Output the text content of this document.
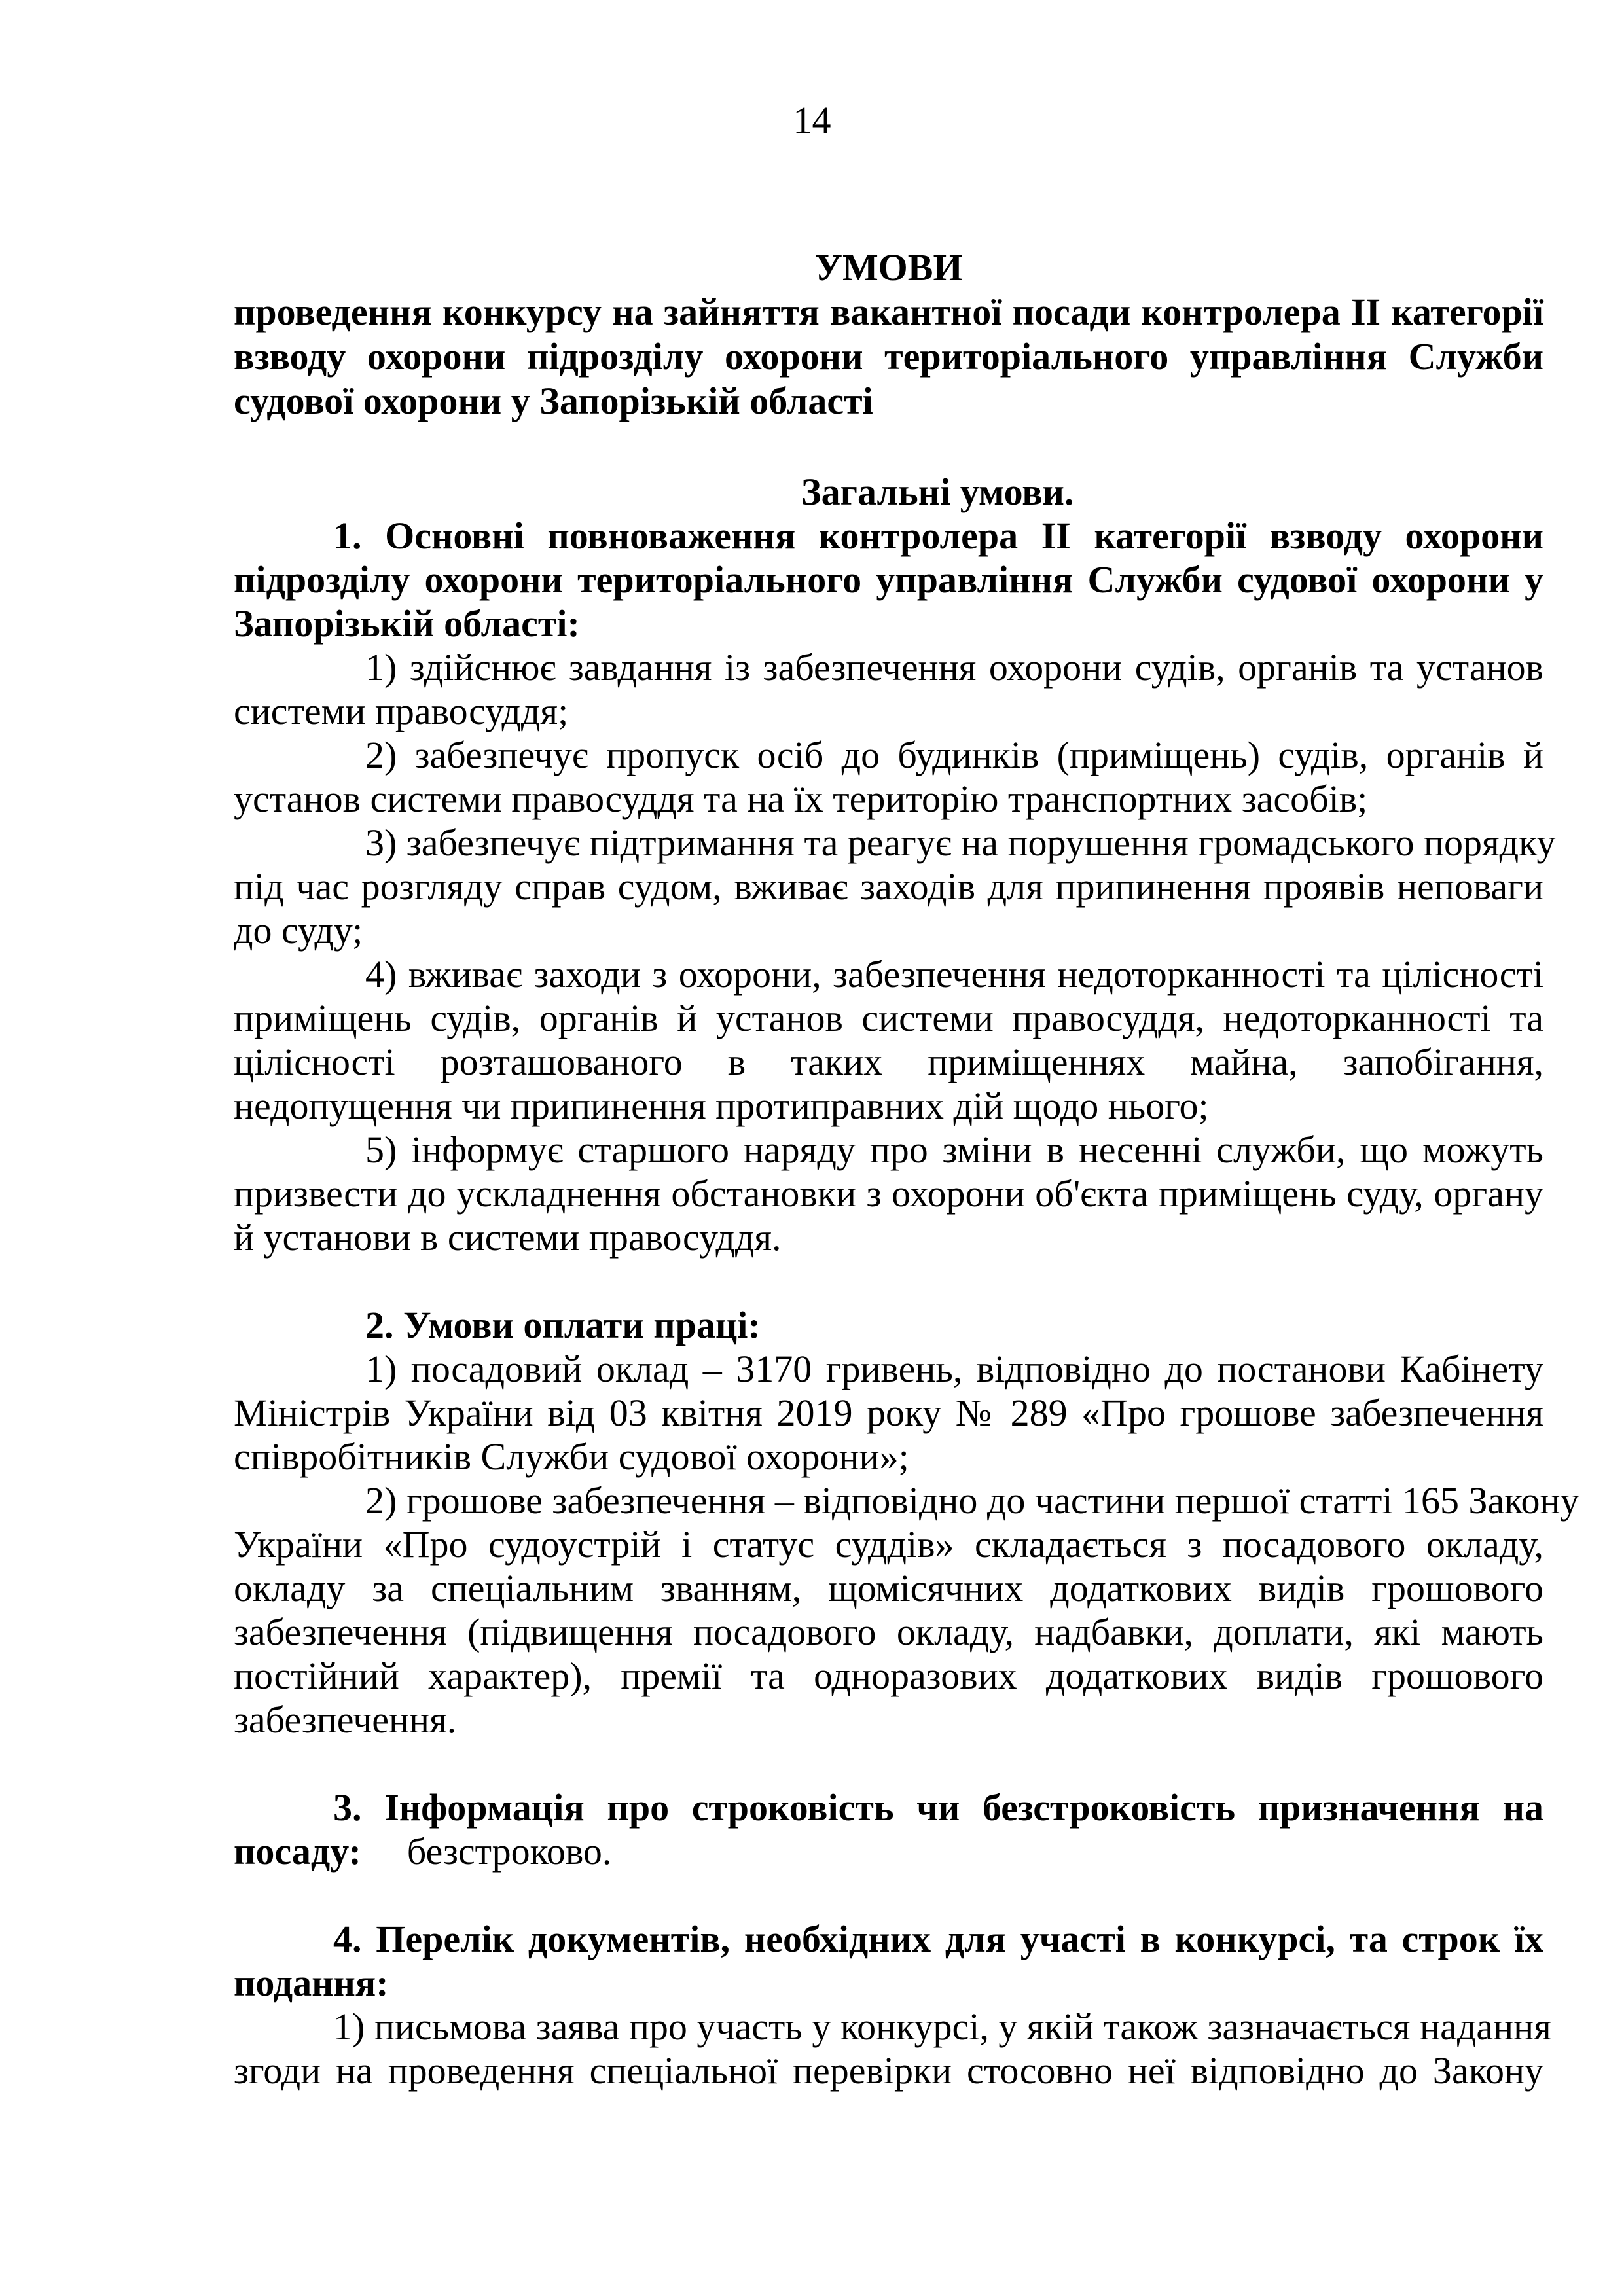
14
УМОВИ
проведення конкурсу на зайняття вакантної посади контролера II категорії
взводу охорони підрозділу охорони територіального управління Служби
судової охорони у Запорізькій області
Загальні умови.
1. Основні повноваження контролера II категорії взводу охорони
підрозділу охорони територіального управління Служби судової охорони у
Запорізькій області:
1) здійснює завдання із забезпечення охорони судів, органів та установ
системи правосуддя;
2) забезпечує пропуск осіб до будинків (приміщень) судів, органів й
установ системи правосуддя та на їх територію транспортних засобів;
3) забезпечує підтримання та реагує на порушення громадського порядку
під час розгляду справ судом, вживає заходів для припинення проявів неповаги
до суду;
4) вживає заходи з охорони, забезпечення недоторканності та цілісності
приміщень судів, органів й установ системи правосуддя, недоторканності та
цілісності розташованого в таких приміщеннях майна, запобігання,
недопущення чи припинення протиправних дій щодо нього;
5) інформує старшого наряду про зміни в несенні служби, що можуть
призвести до ускладнення обстановки з охорони об'єкта приміщень суду, органу
й установи в системи правосуддя.
2. Умови оплати праці:
1) посадовий оклад – 3170 гривень, відповідно до постанови Кабінету
Міністрів України від 03 квітня 2019 року № 289 «Про грошове забезпечення
співробітників Служби судової охорони»;
2) грошове забезпечення – відповідно до частини першої статті 165 Закону
України «Про судоустрій і статус суддів» складається з посадового окладу,
окладу за спеціальним званням, щомісячних додаткових видів грошового
забезпечення (підвищення посадового окладу, надбавки, доплати, які мають
постійний характер), премії та одноразових додаткових видів грошового
забезпечення.
3. Інформація про строковість чи безстроковість призначення на
посаду: безстроково.
4. Перелік документів, необхідних для участі в конкурсі, та строк їх
подання:
1) письмова заява про участь у конкурсі, у якій також зазначається надання
згоди на проведення спеціальної перевірки стосовно неї відповідно до Закону
